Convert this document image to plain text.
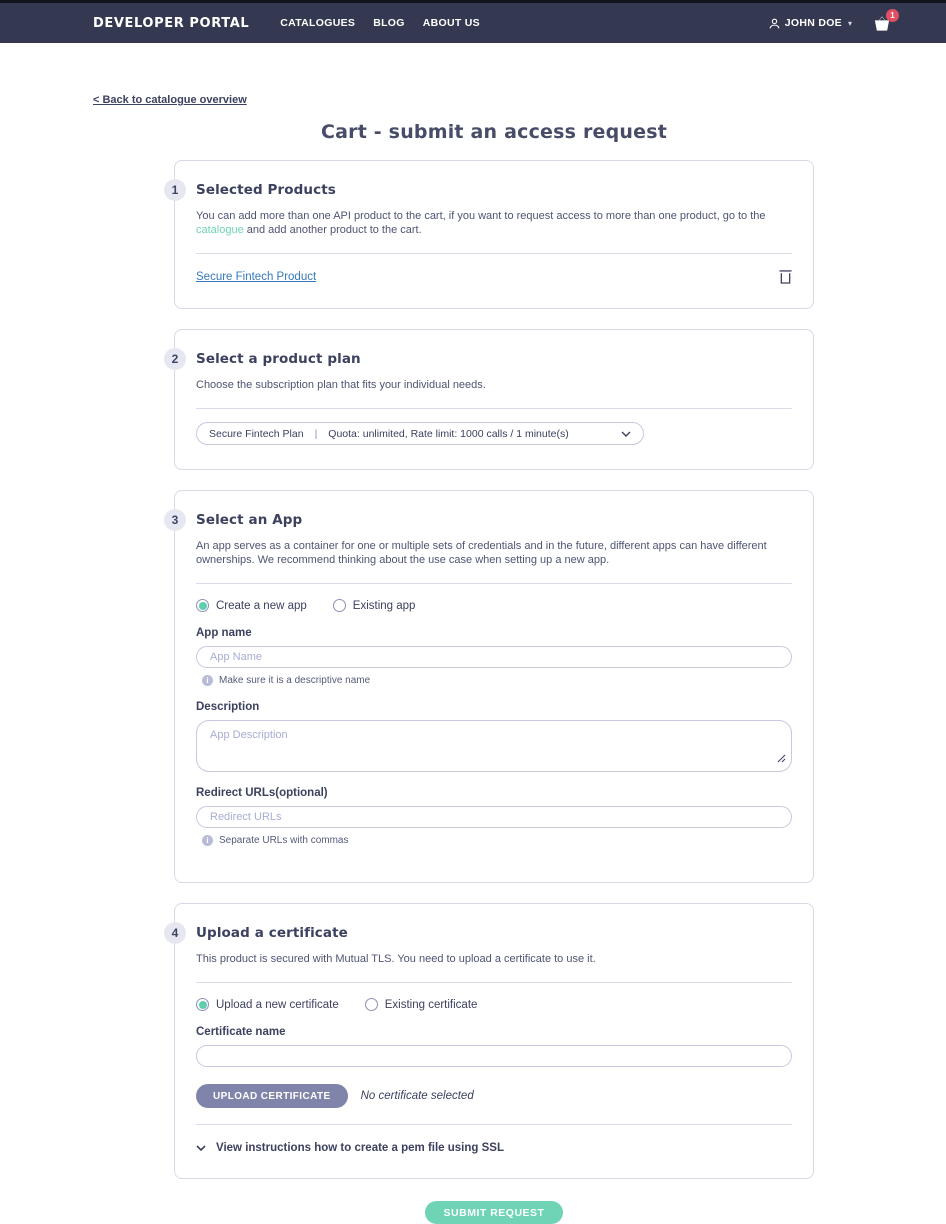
DEVELOPER PORTAL	CATALOGUES BLOG ABOUT US	JOHN DOE ▾
1
< Back to catalogue overview
Cart - submit an access request
1	Selected Products

You can add more than one API product to the cart, if you want to request access to more than one product, go to the catalogue and add another product to the cart.

Secure Fintech Product
2	Select a product plan

Choose the subscription plan that fits your individual needs.

Secure Fintech Plan | Quota: unlimited, Rate limit: 1000 calls / 1 minute(s)
3	Select an App

An app serves as a container for one or multiple sets of credentials and in the future, different apps can have different ownerships. We recommend thinking about the use case when setting up a new app.

Create a new app	Existing app
App name
App Name
i	Make sure it is a descriptive name
Description
App Description
Redirect URLs(optional)
Redirect URLs
i	Separate URLs with commas
4	Upload a certificate

This product is secured with Mutual TLS. You need to upload a certificate to use it.

Upload a new certificate	Existing certificate
Certificate name
UPLOAD CERTIFICATE	No certificate selected
View instructions how to create a pem file using SSL
SUBMIT REQUEST
